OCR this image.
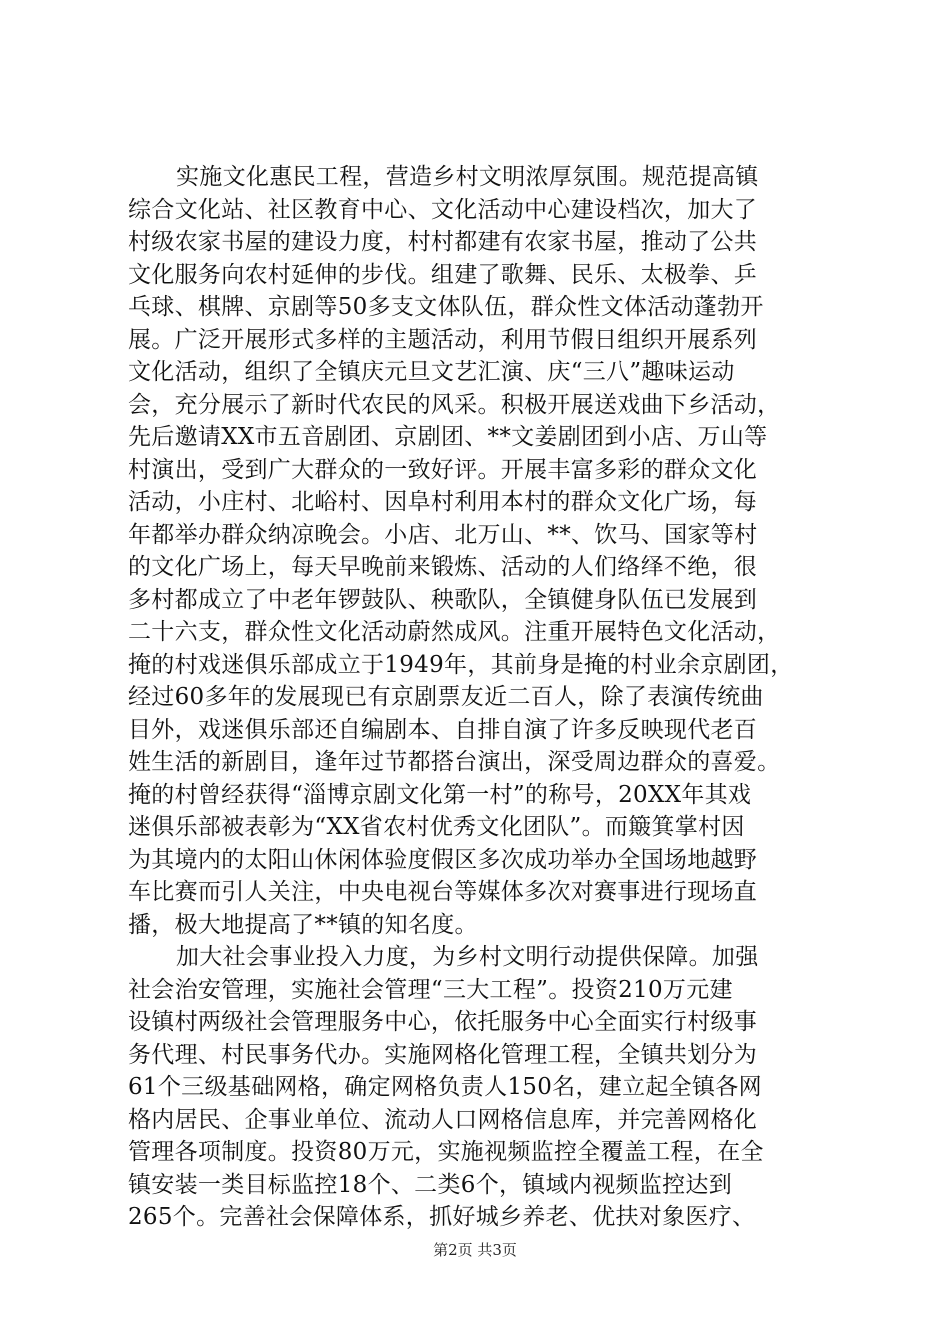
实施文化惠民工程，营造乡村文明浓厚氛围。规范提高镇
综合文化站、社区教育中心、文化活动中心建设档次，加大了
村级农家书屋的建设力度，村村都建有农家书屋，推动了公共
文化服务向农村延伸的步伐。组建了歌舞、民乐、太极拳、乒
乓球、棋牌、京剧等50多支文体队伍，群众性文体活动蓬勃开
展。广泛开展形式多样的主题活动，利用节假日组织开展系列
文化活动，组织了全镇庆元旦文艺汇演、庆“三八”趣味运动
会，充分展示了新时代农民的风采。积极开展送戏曲下乡活动，
先后邀请XX市五音剧团、京剧团、**文姜剧团到小店、万山等
村演出，受到广大群众的一致好评。开展丰富多彩的群众文化
活动，小庄村、北峪村、因阜村利用本村的群众文化广场，每
年都举办群众纳凉晚会。小店、北万山、**、饮马、国家等村
的文化广场上，每天早晚前来锻炼、活动的人们络绎不绝，很
多村都成立了中老年锣鼓队、秧歌队，全镇健身队伍已发展到
二十六支，群众性文化活动蔚然成风。注重开展特色文化活动，
掩的村戏迷俱乐部成立于1949年，其前身是掩的村业余京剧团，
经过60多年的发展现已有京剧票友近二百人，除了表演传统曲
目外，戏迷俱乐部还自编剧本、自排自演了许多反映现代老百
姓生活的新剧目，逢年过节都搭台演出，深受周边群众的喜爱。
掩的村曾经获得“淄博京剧文化第一村”的称号，20XX年其戏
迷俱乐部被表彰为“XX省农村优秀文化团队”。而簸箕掌村因
为其境内的太阳山休闲体验度假区多次成功举办全国场地越野
车比赛而引人关注，中央电视台等媒体多次对赛事进行现场直
播，极大地提高了**镇的知名度。
加大社会事业投入力度，为乡村文明行动提供保障。加强
社会治安管理，实施社会管理“三大工程”。投资210万元建
设镇村两级社会管理服务中心，依托服务中心全面实行村级事
务代理、村民事务代办。实施网格化管理工程，全镇共划分为
61个三级基础网格，确定网格负责人150名，建立起全镇各网
格内居民、企事业单位、流动人口网格信息库，并完善网格化
管理各项制度。投资80万元，实施视频监控全覆盖工程，在全
镇安装一类目标监控18个、二类6个，镇域内视频监控达到
265个。完善社会保障体系，抓好城乡养老、优扶对象医疗、
第2页 共3页
